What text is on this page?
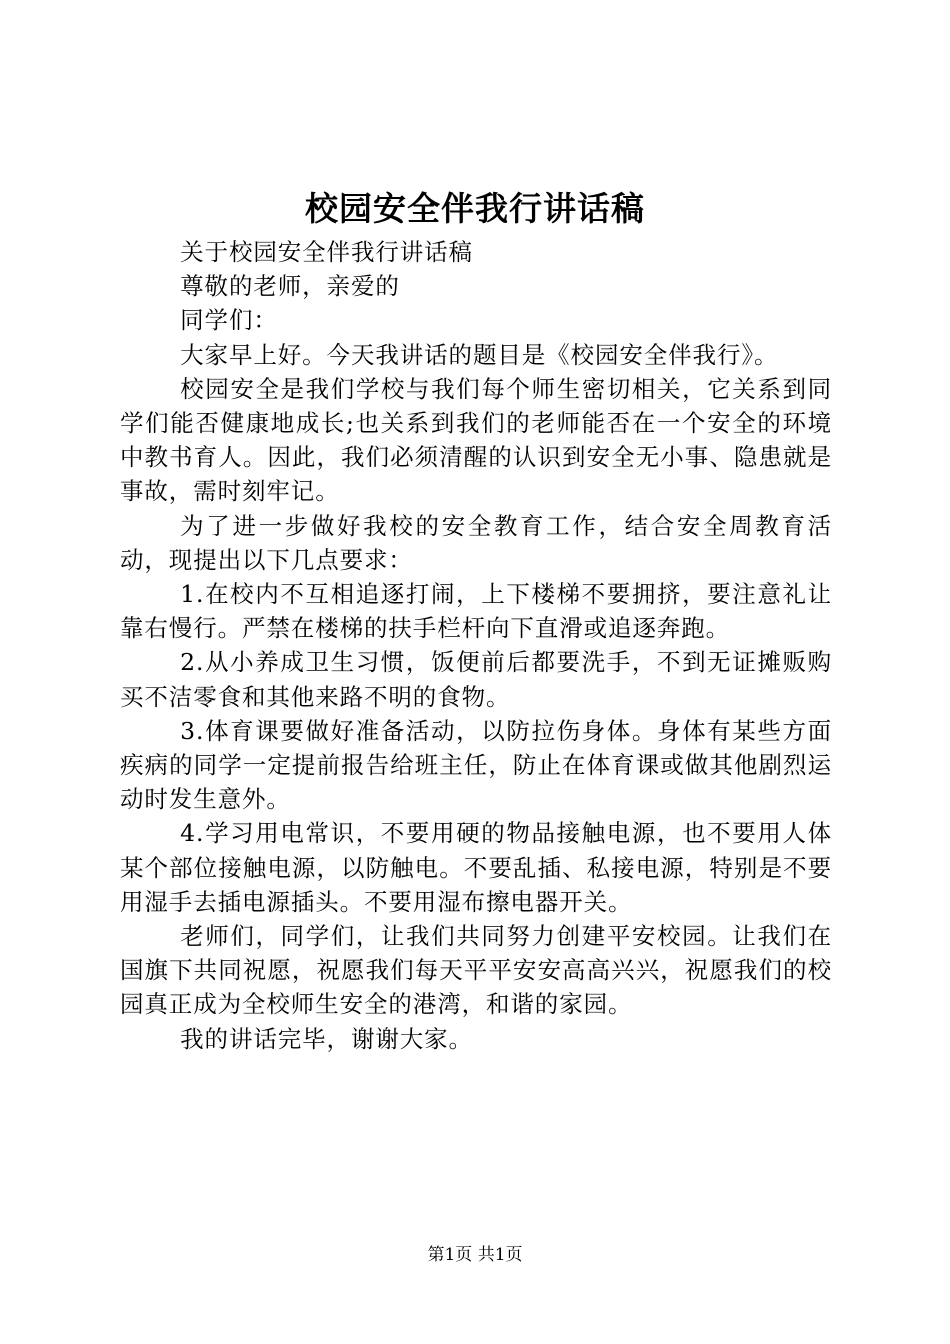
校园安全伴我行讲话稿

关于校园安全伴我行讲话稿

尊敬的老师，亲爱的

同学们：

大家早上好。今天我讲话的题目是《校园安全伴我行》。

校园安全是我们学校与我们每个师生密切相关，它关系到同学们能否健康地成长;也关系到我们的老师能否在一个安全的环境中教书育人。因此，我们必须清醒的认识到安全无小事、隐患就是事故，需时刻牢记。

为了进一步做好我校的安全教育工作，结合安全周教育活动，现提出以下几点要求：

1.在校内不互相追逐打闹，上下楼梯不要拥挤，要注意礼让靠右慢行。严禁在楼梯的扶手栏杆向下直滑或追逐奔跑。

2.从小养成卫生习惯，饭便前后都要洗手，不到无证摊贩购买不洁零食和其他来路不明的食物。

3.体育课要做好准备活动，以防拉伤身体。身体有某些方面疾病的同学一定提前报告给班主任，防止在体育课或做其他剧烈运动时发生意外。

4.学习用电常识，不要用硬的物品接触电源，也不要用人体某个部位接触电源，以防触电。不要乱插、私接电源，特别是不要用湿手去插电源插头。不要用湿布擦电器开关。

老师们，同学们，让我们共同努力创建平安校园。让我们在国旗下共同祝愿，祝愿我们每天平平安安高高兴兴，祝愿我们的校园真正成为全校师生安全的港湾，和谐的家园。

我的讲话完毕，谢谢大家。

第1页 共1页
